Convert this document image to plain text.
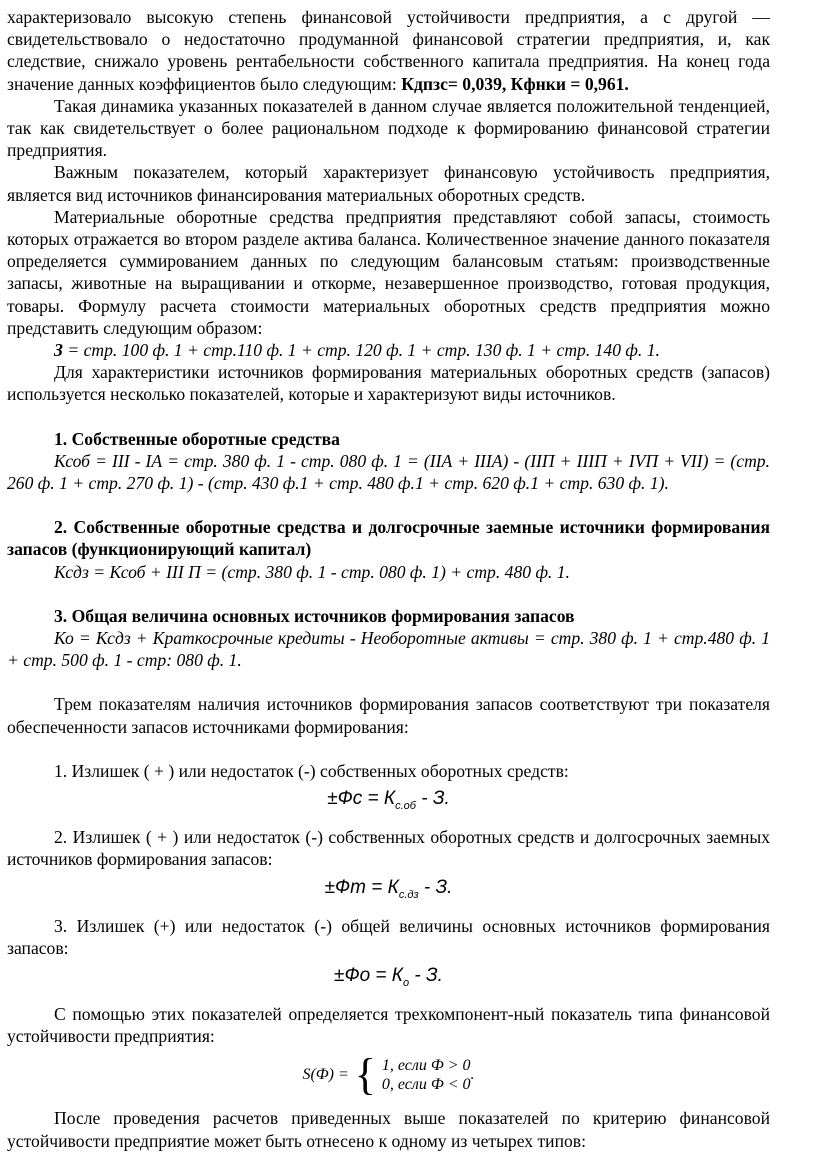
характеризовало высокую степень финансовой устойчивости предприятия, а с другой — свидетельствовало о недостаточно продуманной финансовой стратегии предприятия, и, как следствие, снижало уровень рентабельности собственного капитала предприятия. На конец года значение данных коэффициентов было следующим: Кдпзс= 0,039, Кфнки = 0,961.

Такая динамика указанных показателей в данном случае является положительной тенденцией, так как свидетельствует о более рациональном подходе к формированию финансовой стратегии предприятия.

Важным показателем, который характеризует финансовую устойчивость предприятия, является вид источников финансирования материальных оборотных средств.

Материальные оборотные средства предприятия представляют собой запасы, стоимость которых отражается во втором разделе актива баланса. Количественное значение данного показателя определяется суммированием данных по следующим балансовым статьям: производственные запасы, животные на выращивании и откорме, незавершенное производство, готовая продукция, товары. Формулу расчета стоимости материальных оборотных средств предприятия можно представить следующим образом:

З = стр. 100 ф. 1 + стр.110 ф. 1 + стр. 120 ф. 1 + стр. 130 ф. 1 + стр. 140 ф. 1.

Для характеристики источников формирования материальных оборотных средств (запасов) используется несколько показателей, которые и характеризуют виды источников.

1. Собственные оборотные средства

Ксоб = ІІІ - ІА = стр. 380 ф. 1 - стр. 080 ф. 1 = (ІІА + ІІІА) - (ІІП + ІІІП + ІVП + VІІ) = (стр. 260 ф. 1 + стр. 270 ф. 1) - (стр. 430 ф.1 + стр. 480 ф.1 + стр. 620 ф.1 + стр. 630 ф. 1).

2. Собственные оборотные средства и долгосрочные заемные источники формирования запасов (функционирующий капитал)

Ксдз = Ксоб + ІІІ П = (стр. 380 ф. 1 - стр. 080 ф. 1) + стр. 480 ф. 1.

3. Общая величина основных источников формирования запасов

Ко = Ксдз + Краткосрочные кредиты - Необоротные активы = стр. 380 ф. 1 + стр.480 ф. 1 + стр. 500 ф. 1 - стр: 080 ф. 1.

Трем показателям наличия источников формирования запасов соответствуют три показателя обеспеченности запасов источниками формирования:

1. Излишек ( + ) или недостаток (-) собственных оборотных средств:

$\pm Фс = К_{с.об} - З$.

2. Излишек ( + ) или недостаток (-) собственных оборотных средств и долгосрочных заемных источников формирования запасов:

$\pm Фт = К_{с.дз} - З$.

3. Излишек (+) или недостаток (-) общей величины основных источников формирования запасов:

$\pm Фо = К_о - З$.

С помощью этих показателей определяется трехкомпонент-ный показатель типа финансовой устойчивости предприятия:

S(Ф) = { 1, если Ф > 0
0, если Ф < 0
.

После проведения расчетов приведенных выше показателей по критерию финансовой устойчивости предприятие может быть отнесено к одному из четырех типов:
